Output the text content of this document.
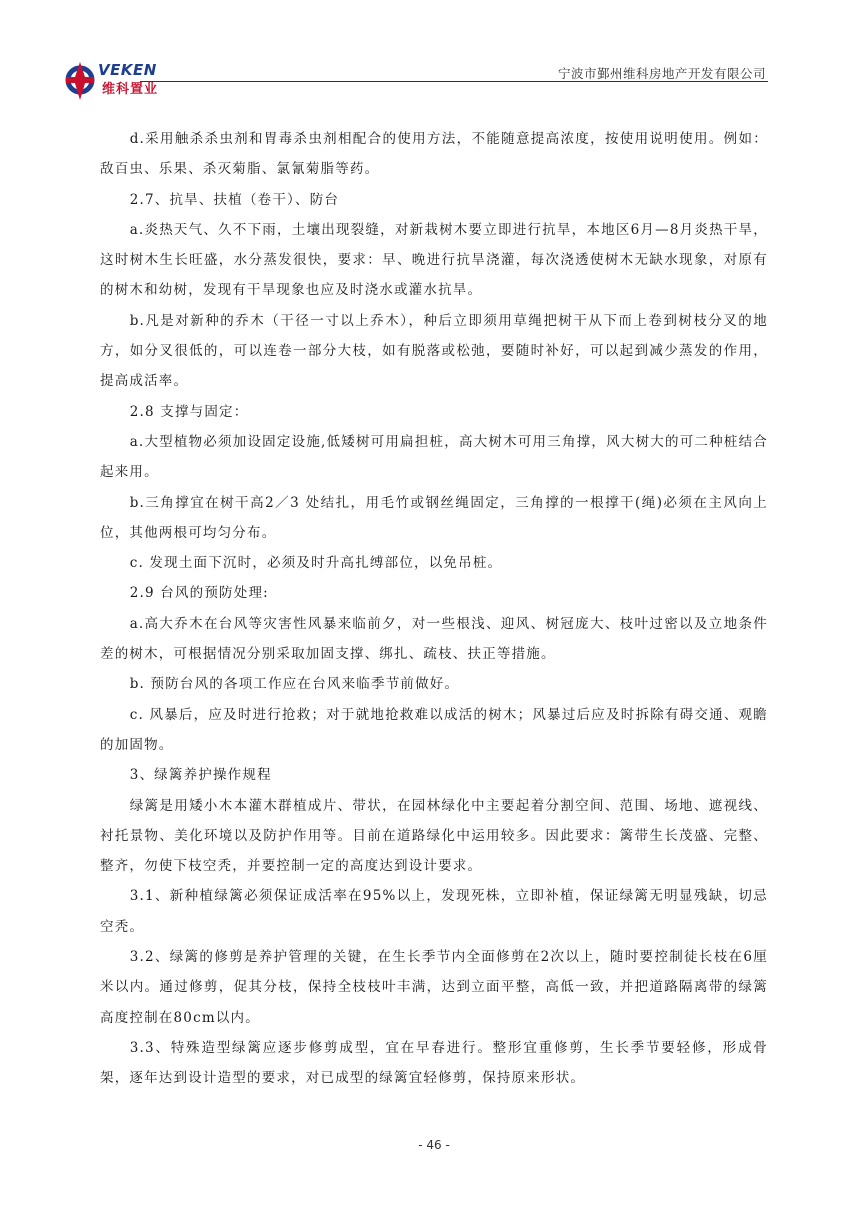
VEKEN
维科置业
宁波市鄞州维科房地产开发有限公司

d.采用触杀杀虫剂和胃毒杀虫剂相配合的使用方法，不能随意提高浓度，按使用说明使用。例如：敌百虫、乐果、杀灭菊脂、氯氰菊脂等药。

2.7、抗旱、扶植（卷干）、防台

a.炎热天气、久不下雨，土壤出现裂缝，对新栽树木要立即进行抗旱，本地区6月—8月炎热干旱，这时树木生长旺盛，水分蒸发很快，要求：早、晚进行抗旱浇灌，每次浇透使树木无缺水现象，对原有的树木和幼树，发现有干旱现象也应及时浇水或灌水抗旱。

b.凡是对新种的乔木（干径一寸以上乔木），种后立即须用草绳把树干从下而上卷到树枝分叉的地方，如分叉很低的，可以连卷一部分大枝，如有脱落或松弛，要随时补好，可以起到减少蒸发的作用，提高成活率。

2.8 支撑与固定：

a.大型植物必须加设固定设施,低矮树可用扁担桩，高大树木可用三角撑，风大树大的可二种桩结合起来用。

b.三角撑宜在树干高2／3 处结扎，用毛竹或钢丝绳固定，三角撑的一根撑干(绳)必须在主风向上位，其他两根可均匀分布。

c. 发现土面下沉时，必须及时升高扎缚部位，以免吊桩。

2.9 台风的预防处理:

a.高大乔木在台风等灾害性风暴来临前夕，对一些根浅、迎风、树冠庞大、枝叶过密以及立地条件差的树木，可根据情况分别采取加固支撑、绑扎、疏枝、扶正等措施。

b. 预防台风的各项工作应在台风来临季节前做好。

c. 风暴后，应及时进行抢救；对于就地抢救难以成活的树木；风暴过后应及时拆除有碍交通、观瞻的加固物。

3、绿篱养护操作规程

绿篱是用矮小木本灌木群植成片、带状，在园林绿化中主要起着分割空间、范围、场地、遮视线、衬托景物、美化环境以及防护作用等。目前在道路绿化中运用较多。因此要求：篱带生长茂盛、完整、整齐，勿使下枝空秃，并要控制一定的高度达到设计要求。

3.1、新种植绿篱必须保证成活率在95%以上，发现死株，立即补植，保证绿篱无明显残缺，切忌空秃。

3.2、绿篱的修剪是养护管理的关键，在生长季节内全面修剪在2次以上，随时要控制徒长枝在6厘米以内。通过修剪，促其分枝，保持全枝枝叶丰满，达到立面平整，高低一致，并把道路隔离带的绿篱高度控制在80cm以内。

3.3、特殊造型绿篱应逐步修剪成型，宜在早春进行。整形宜重修剪，生长季节要轻修，形成骨架，逐年达到设计造型的要求，对已成型的绿篱宜轻修剪，保持原来形状。

- 46 -
